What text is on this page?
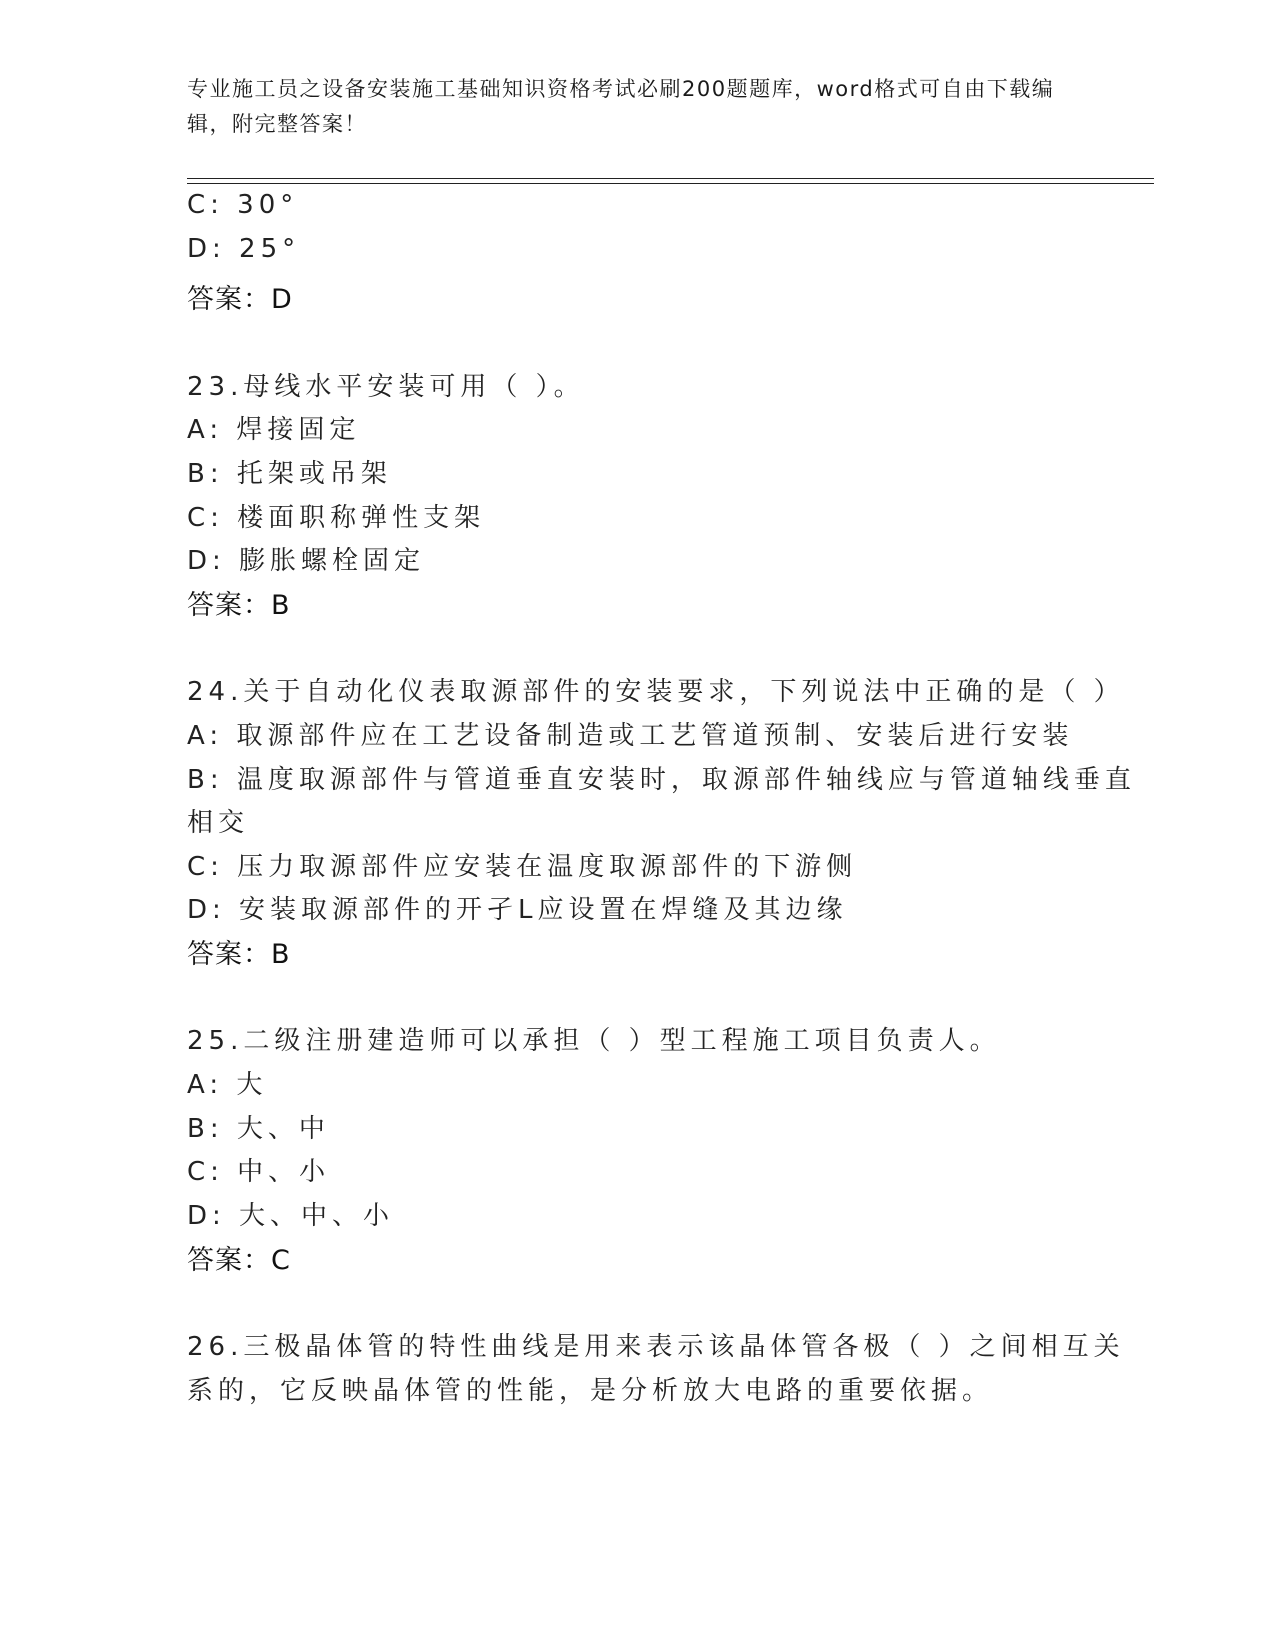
专业施工员之设备安装施工基础知识资格考试必刷200题题库，word格式可自由下载编辑，附完整答案！
C: 30°
D: 25°
答案：D
23.母线水平安装可用（ ）。
A: 焊接固定
B: 托架或吊架
C: 楼面职称弹性支架
D: 膨胀螺栓固定
答案：B
24.关于自动化仪表取源部件的安装要求，下列说法中正确的是（ ）
A: 取源部件应在工艺设备制造或工艺管道预制、安装后进行安装
B: 温度取源部件与管道垂直安装时，取源部件轴线应与管道轴线垂直
相交
C: 压力取源部件应安装在温度取源部件的下游侧
D: 安装取源部件的开孑L应设置在焊缝及其边缘
答案：B
25.二级注册建造师可以承担（ ）型工程施工项目负责人。
A: 大
B: 大、中
C: 中、小
D: 大、中、小
答案：C
26.三极晶体管的特性曲线是用来表示该晶体管各极（ ）之间相互关
系的，它反映晶体管的性能，是分析放大电路的重要依据。
